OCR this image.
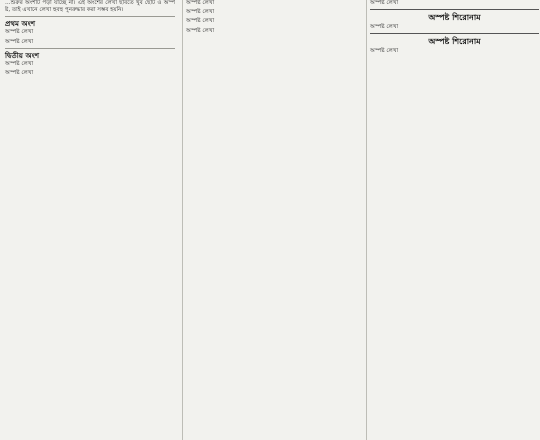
…শুরুর অংশটি পড়া যাচ্ছে না। এই অংশের লেখা ছবিতে খুব ছোট ও অস্পষ্ট, তাই এখানে লেখা হুবহু পুনরুদ্ধার করা সম্ভব হয়নি।

প্রথম অংশ

অস্পষ্ট লেখা

অস্পষ্ট লেখা

দ্বিতীয় অংশ

অস্পষ্ট লেখা

অস্পষ্ট লেখা

অস্পষ্ট লেখা

অস্পষ্ট লেখা

অস্পষ্ট লেখা

অস্পষ্ট লেখা

অস্পষ্ট লেখা

অস্পষ্ট শিরোনাম

অস্পষ্ট লেখা

অস্পষ্ট শিরোনাম

অস্পষ্ট লেখা
